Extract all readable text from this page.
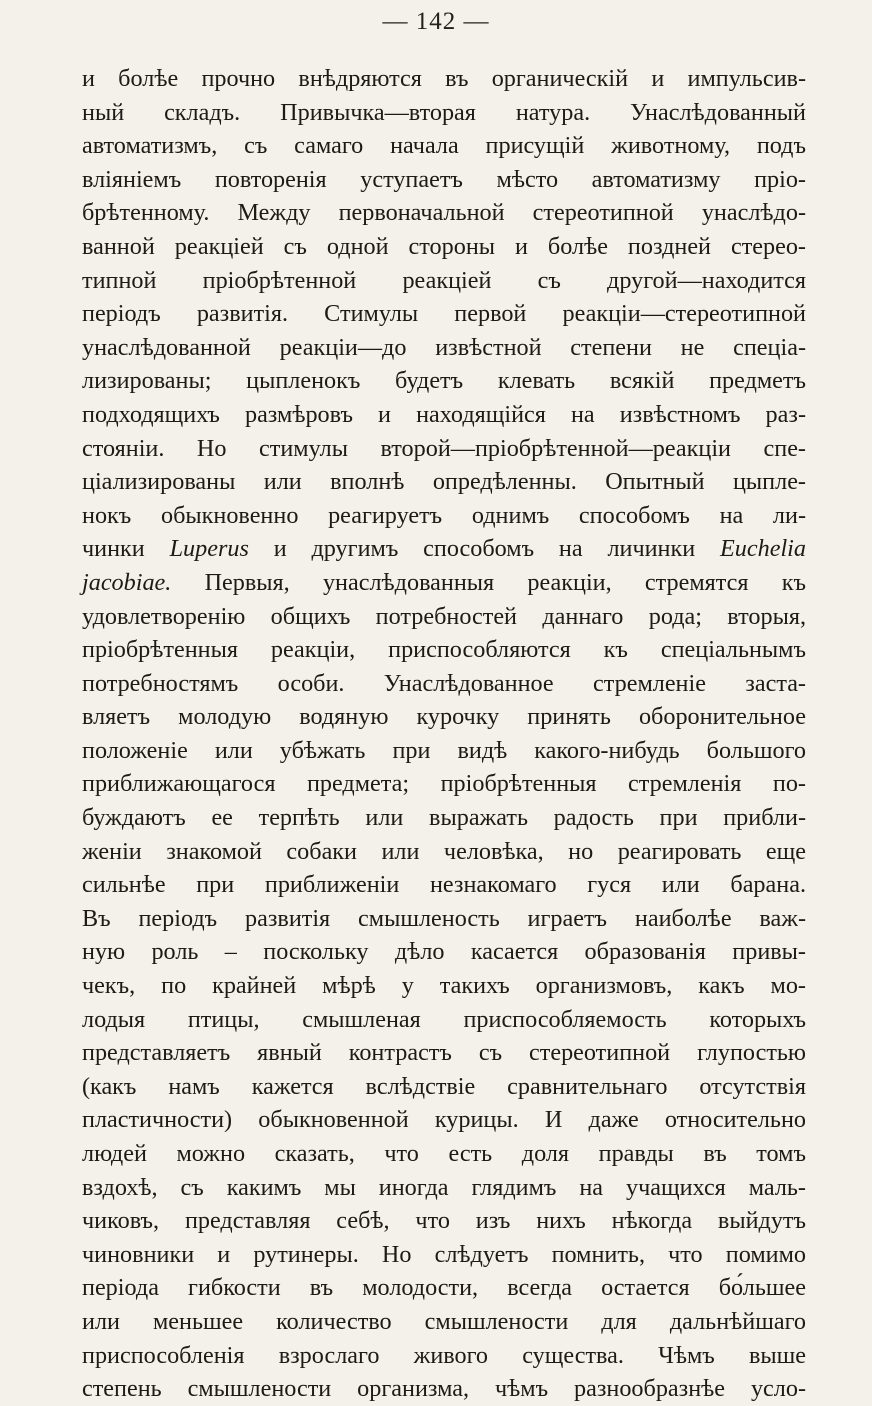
— 142 —
и болѣе прочно внѣдряются въ органическій и импульсив-
ный складъ. Привычка—вторая натура. Унаслѣдованный
автоматизмъ, съ самаго начала присущій животному, подъ
вліяніемъ повторенія уступаетъ мѣсто автоматизму пріо-
брѣтенному. Между первоначальной стереотипной унаслѣдо-
ванной реакціей съ одной стороны и болѣе поздней стерео-
типной пріобрѣтенной реакціей съ другой—находится
періодъ развитія. Стимулы первой реакціи—стереотипной
унаслѣдованной реакціи—до извѣстной степени не спеціа-
лизированы; цыпленокъ будетъ клевать всякій предметъ
подходящихъ размѣровъ и находящійся на извѣстномъ раз-
стояніи. Но стимулы второй—пріобрѣтенной—реакціи спе-
ціализированы или вполнѣ опредѣленны. Опытный цыпле-
нокъ обыкновенно реагируетъ однимъ способомъ на ли-
чинки Luperus и другимъ способомъ на личинки Euchelia
jacobiae. Первыя, унаслѣдованныя реакціи, стремятся къ
удовлетворенію общихъ потребностей даннаго рода; вторыя,
пріобрѣтенныя реакціи, приспособляются къ спеціальнымъ
потребностямъ особи. Унаслѣдованное стремленіе заста-
вляетъ молодую водяную курочку принять оборонительное
положеніе или убѣжать при видѣ какого-нибудь большого
приближающагося предмета; пріобрѣтенныя стремленія по-
буждаютъ ее терпѣть или выражать радость при прибли-
женіи знакомой собаки или человѣка, но реагировать еще
сильнѣе при приближеніи незнакомаго гуся или барана.
Въ періодъ развитія смышленость играетъ наиболѣе важ-
ную роль – поскольку дѣло касается образованія привы-
чекъ, по крайней мѣрѣ у такихъ организмовъ, какъ мо-
лодыя птицы, смышленая приспособляемость которыхъ
представляетъ явный контрастъ съ стереотипной глупостью
(какъ намъ кажется вслѣдствіе сравнительнаго отсутствія
пластичности) обыкновенной курицы. И даже относительно
людей можно сказать, что есть доля правды въ томъ
вздохѣ, съ какимъ мы иногда глядимъ на учащихся маль-
чиковъ, представляя себѣ, что изъ нихъ нѣкогда выйдутъ
чиновники и рутинеры. Но слѣдуетъ помнить, что помимо
періода гибкости въ молодости, всегда остается бо́льшее
или меньшее количество смышлености для дальнѣйшаго
приспособленія взрослаго живого существа. Чѣмъ выше
степень смышлености организма, чѣмъ разнообразнѣе усло-
